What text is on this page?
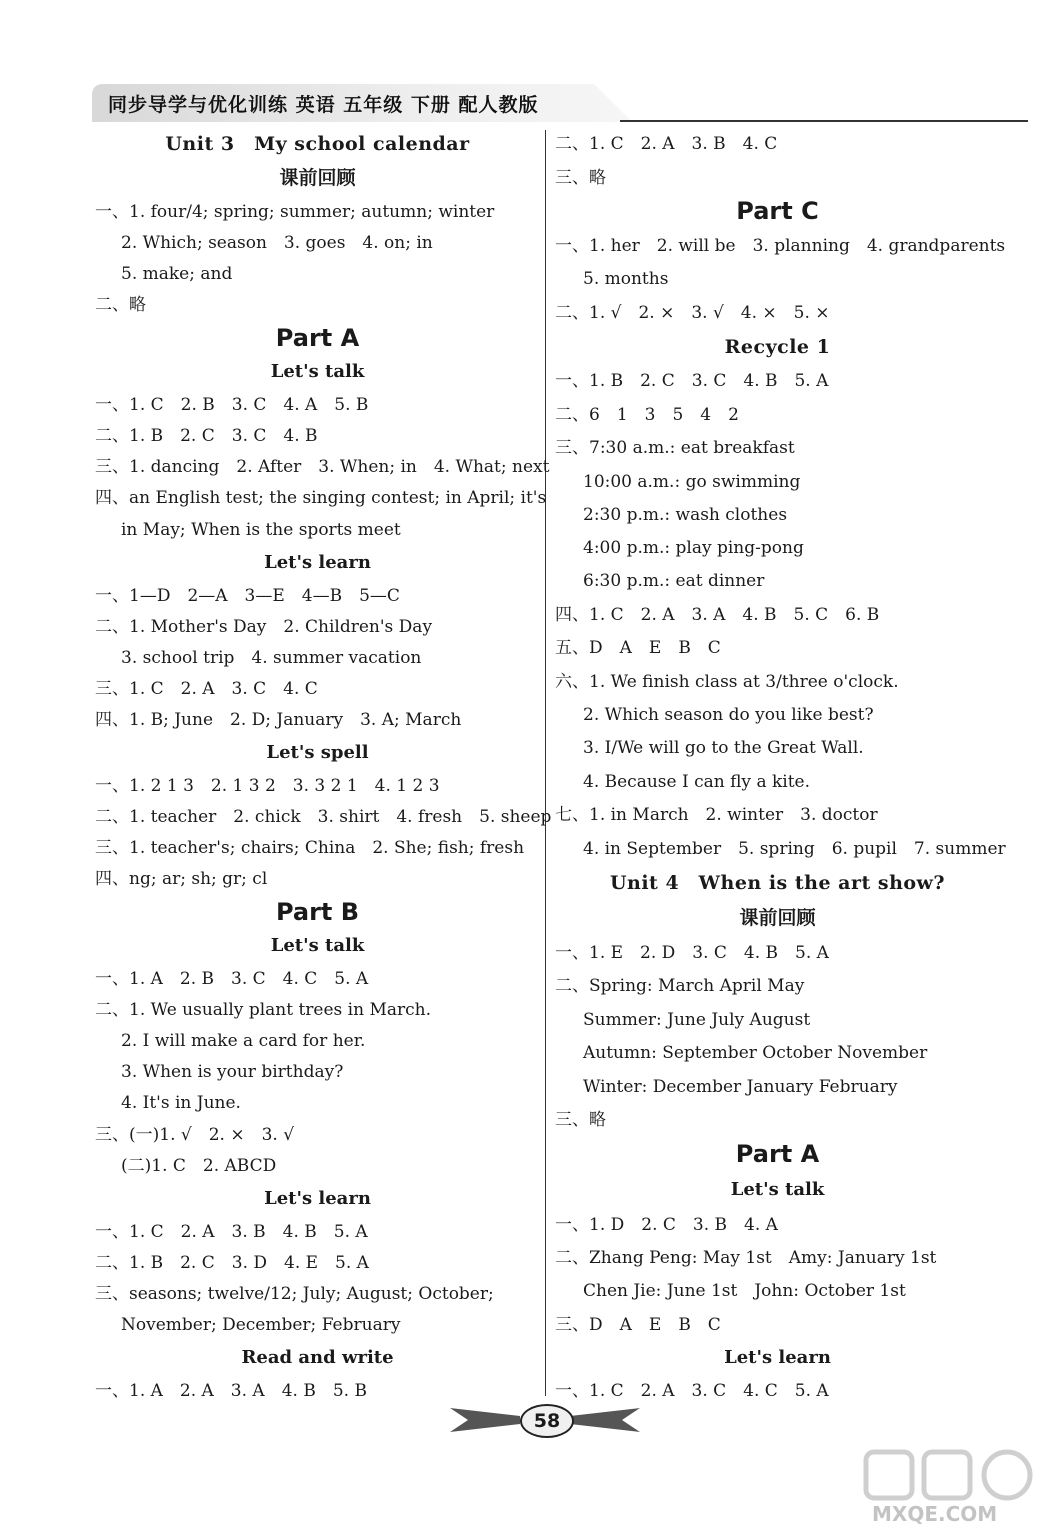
同步导学与优化训练 英语 五年级 下册 配人教版
Unit 3　My school calendar
课前回顾
一、1. four/4; spring; summer; autumn; winter
2. Which; season　3. goes　4. on; in
5. make; and
二、略
Part A
Let's talk
一、1. C　2. B　3. C　4. A　5. B
二、1. B　2. C　3. C　4. B
三、1. dancing　2. After　3. When; in　4. What; next
四、an English test; the singing contest; in April; it's
in May; When is the sports meet
Let's learn
一、1—D　2—A　3—E　4—B　5—C
二、1. Mother's Day　2. Children's Day
3. school trip　4. summer vacation
三、1. C　2. A　3. C　4. C
四、1. B; June　2. D; January　3. A; March
Let's spell
一、1. 2 1 3　2. 1 3 2　3. 3 2 1　4. 1 2 3
二、1. teacher　2. chick　3. shirt　4. fresh　5. sheep
三、1. teacher's; chairs; China　2. She; fish; fresh
四、ng; ar; sh; gr; cl
Part B
Let's talk
一、1. A　2. B　3. C　4. C　5. A
二、1. We usually plant trees in March.
2. I will make a card for her.
3. When is your birthday?
4. It's in June.
三、(一)1. √　2. ×　3. √
(二)1. C　2. ABCD
Let's learn
一、1. C　2. A　3. B　4. B　5. A
二、1. B　2. C　3. D　4. E　5. A
三、seasons; twelve/12; July; August; October;
November; December; February
Read and write
一、1. A　2. A　3. A　4. B　5. B
二、1. C　2. A　3. B　4. C
三、略
Part C
一、1. her　2. will be　3. planning　4. grandparents
5. months
二、1. √　2. ×　3. √　4. ×　5. ×
Recycle 1
一、1. B　2. C　3. C　4. B　5. A
二、6　1　3　5　4　2
三、7:30 a.m.: eat breakfast
10:00 a.m.: go swimming
2:30 p.m.: wash clothes
4:00 p.m.: play ping-pong
6:30 p.m.: eat dinner
四、1. C　2. A　3. A　4. B　5. C　6. B
五、D　A　E　B　C
六、1. We finish class at 3/three o'clock.
2. Which season do you like best?
3. I/We will go to the Great Wall.
4. Because I can fly a kite.
七、1. in March　2. winter　3. doctor
4. in September　5. spring　6. pupil　7. summer
Unit 4　When is the art show?
课前回顾
一、1. E　2. D　3. C　4. B　5. A
二、Spring: March April May
Summer: June July August
Autumn: September October November
Winter: December January February
三、略
Part A
Let's talk
一、1. D　2. C　3. B　4. A
二、Zhang Peng: May 1st　Amy: January 1st
Chen Jie: June 1st　John: October 1st
三、D　A　E　B　C
Let's learn
一、1. C　2. A　3. C　4. C　5. A
58
MXQE.COM
